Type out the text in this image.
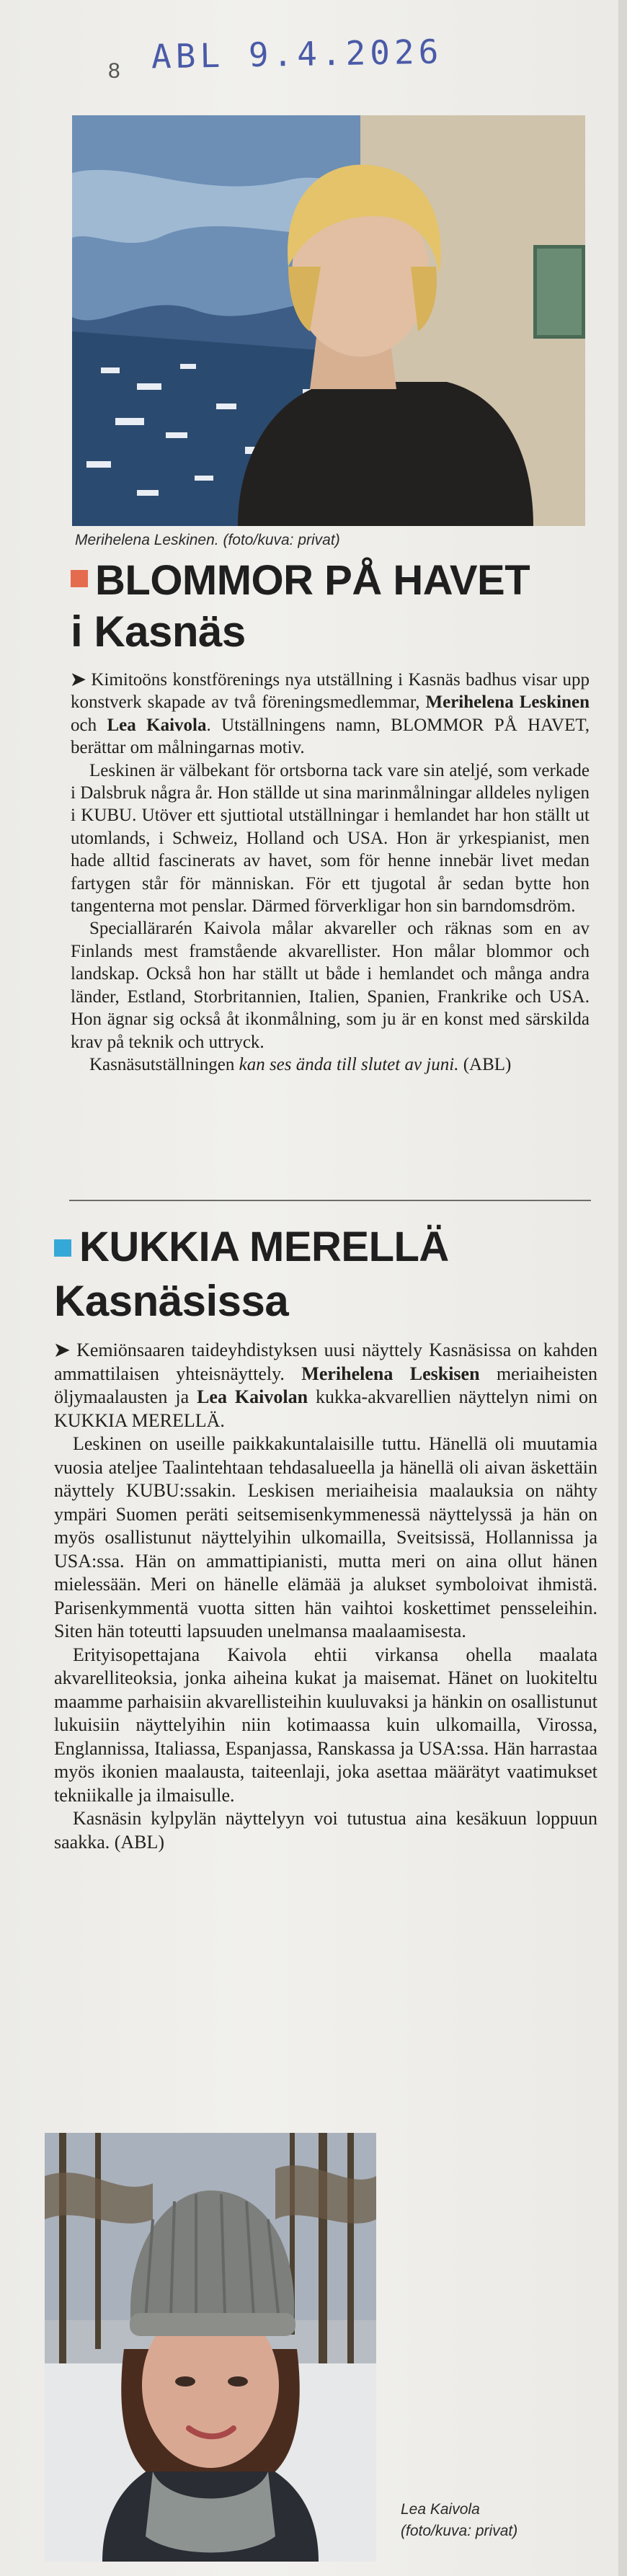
8 ABL 9.4.2026
Merihelena Leskinen. (foto/kuva: privat)
BLOMMOR PÅ HAVET
i Kasnäs

➤ Kimitoöns konstförenings nya utställning i Kasnäs badhus visar upp konstverk skapade av två föreningsmedlemmar, Merihelena Leskinen och Lea Kaivola. Utställningens namn, BLOMMOR PÅ HAVET, berättar om målningarnas motiv.

Leskinen är välbekant för ortsborna tack vare sin ateljé, som verkade i Dalsbruk några år. Hon ställde ut sina marinmålningar alldeles nyligen i KUBU. Utöver ett sjuttiotal utställningar i hemlandet har hon ställt ut utomlands, i Schweiz, Holland och USA. Hon är yrkespianist, men hade alltid fascinerats av havet, som för henne innebär livet medan fartygen står för människan. För ett tjugotal år sedan bytte hon tangenterna mot penslar. Därmed förverkligar hon sin barndomsdröm.

Speciallärarén Kaivola målar akvareller och räknas som en av Finlands mest framstående akvarellister. Hon målar blommor och landskap. Också hon har ställt ut både i hemlandet och många andra länder, Estland, Storbritannien, Italien, Spanien, Frankrike och USA. Hon ägnar sig också åt ikonmålning, som ju är en konst med särskilda krav på teknik och uttryck.

Kasnäsutställningen kan ses ända till slutet av juni. (ABL)

KUKKIA MERELLÄ
Kasnäsissa

➤ Kemiönsaaren taideyhdistyksen uusi näyttely Kasnäsissa on kahden ammattilaisen yhteisnäyttely. Merihelena Leskisen meriaiheisten öljymaalausten ja Lea Kaivolan kukka-akvarellien näyttelyn nimi on KUKKIA MERELLÄ.

Leskinen on useille paikkakuntalaisille tuttu. Hänellä oli muutamia vuosia ateljee Taalintehtaan tehdasalueella ja hänellä oli aivan äskettäin näyttely KUBU:ssakin. Leskisen meriaiheisia maalauksia on nähty ympäri Suomen peräti seitsemisenkymmenessä näyttelyssä ja hän on myös osallistunut näyttelyihin ulkomailla, Sveitsissä, Hollannissa ja USA:ssa. Hän on ammattipianisti, mutta meri on aina ollut hänen mielessään. Meri on hänelle elämää ja alukset symboloivat ihmistä. Parisenkymmentä vuotta sitten hän vaihtoi koskettimet pensseleihin. Siten hän toteutti lapsuuden unelmansa maalaamisesta.

Erityisopettajana Kaivola ehtii virkansa ohella maalata akvarelliteoksia, jonka aiheina kukat ja maisemat. Hänet on luokiteltu maamme parhaisiin akvarellisteihin kuuluvaksi ja hänkin on osallistunut lukuisiin näyttelyihin niin kotimaassa kuin ulkomailla, Virossa, Englannissa, Italiassa, Espanjassa, Ranskassa ja USA:ssa. Hän harrastaa myös ikonien maalausta, taiteenlaji, joka asettaa määrätyt vaatimukset tekniikalle ja ilmaisulle.

Kasnäsin kylpylän näyttelyyn voi tutustua aina kesäkuun loppuun saakka. (ABL)

Lea Kaivola
(foto/kuva: privat)
